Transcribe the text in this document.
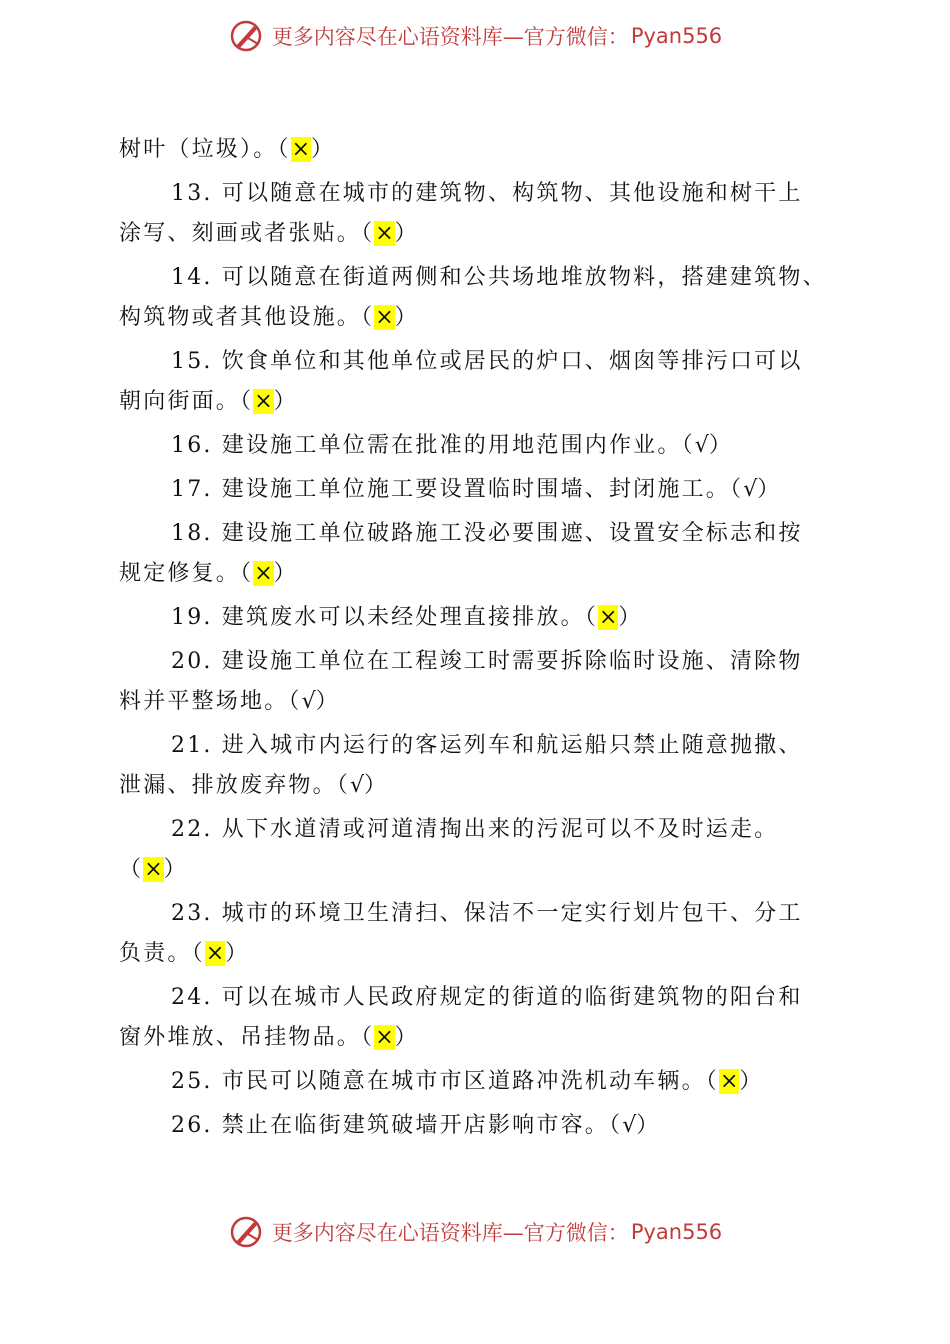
更多内容尽在心语资料库—官方微信： Pyan556

树叶（垃圾）。（×）

13. 可以随意在城市的建筑物、构筑物、其他设施和树干上

涂写、刻画或者张贴。（×）

14. 可以随意在街道两侧和公共场地堆放物料，搭建建筑物、

构筑物或者其他设施。（×）

15. 饮食单位和其他单位或居民的炉口、烟囱等排污口可以

朝向街面。（×）

16. 建设施工单位需在批准的用地范围内作业。（√）

17. 建设施工单位施工要设置临时围墙、封闭施工。（√）

18. 建设施工单位破路施工没必要围遮、设置安全标志和按

规定修复。（×）

19. 建筑废水可以未经处理直接排放。（×）

20. 建设施工单位在工程竣工时需要拆除临时设施、清除物

料并平整场地。（√）

21. 进入城市内运行的客运列车和航运船只禁止随意抛撒、

泄漏、排放废弃物。（√）

22. 从下水道清或河道清掏出来的污泥可以不及时运走。

（×）

23. 城市的环境卫生清扫、保洁不一定实行划片包干、分工

负责。（×）

24. 可以在城市人民政府规定的街道的临街建筑物的阳台和

窗外堆放、吊挂物品。（×）

25. 市民可以随意在城市市区道路冲洗机动车辆。（×）

26. 禁止在临街建筑破墙开店影响市容。（√）

更多内容尽在心语资料库—官方微信： Pyan556
